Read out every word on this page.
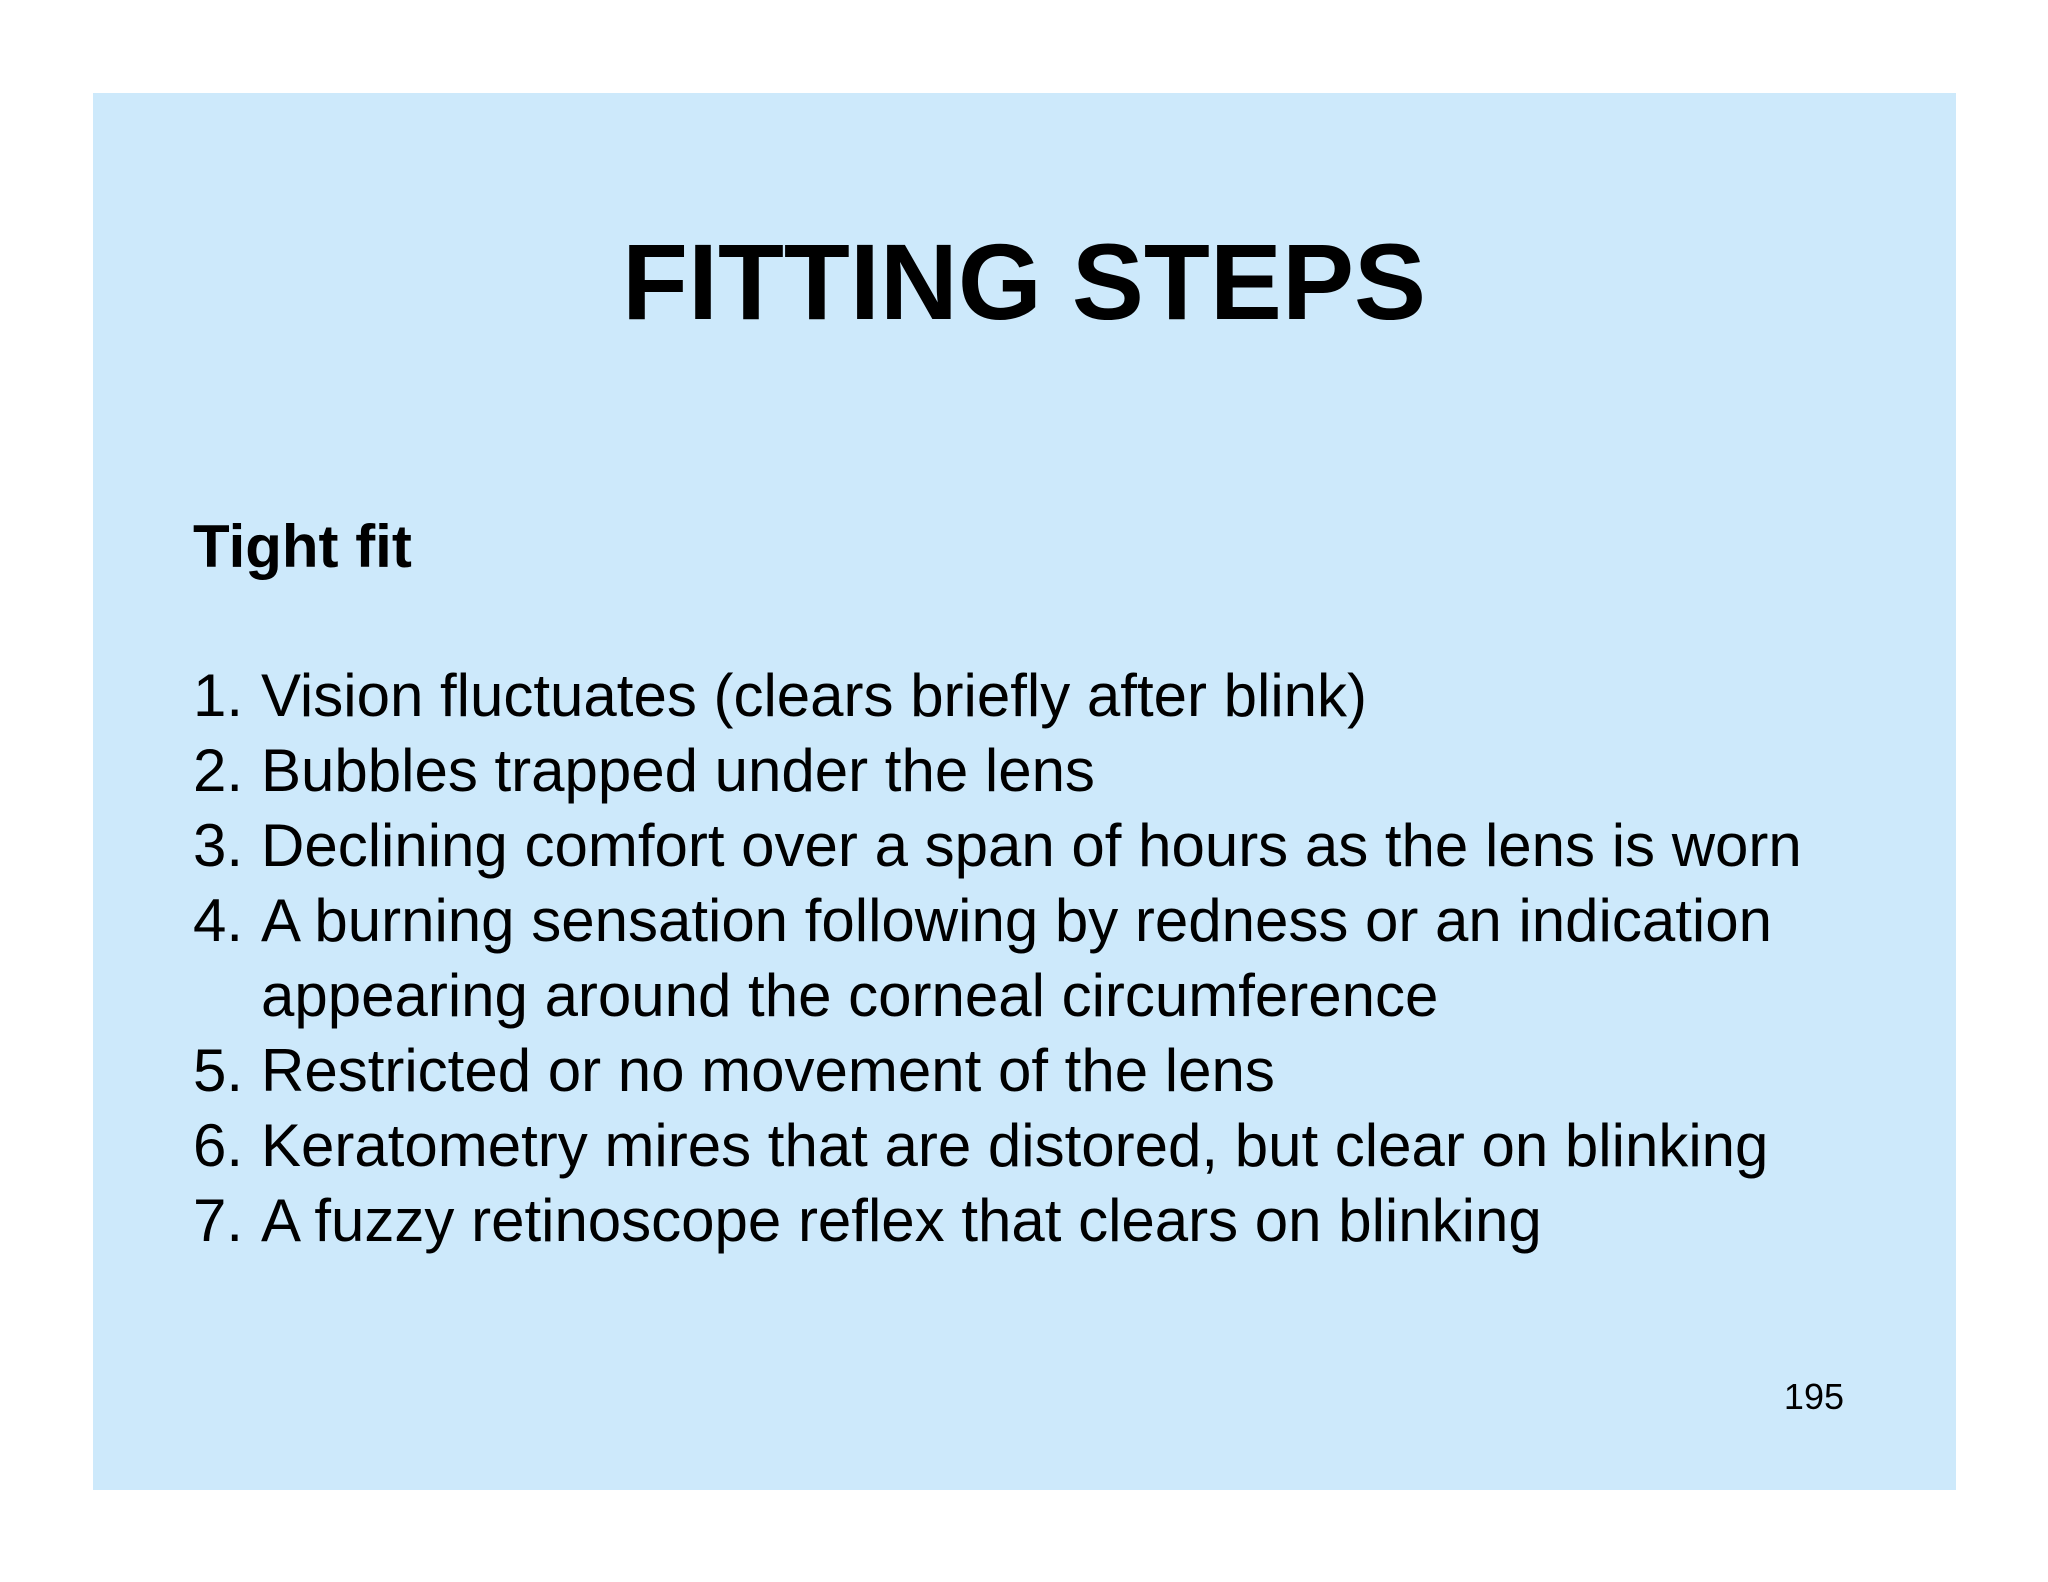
FITTING STEPS
Tight fit
1. Vision fluctuates (clears briefly after blink)
2. Bubbles trapped under the lens
3. Declining comfort over a span of hours as the lens is worn
4. A burning sensation following by redness or an indication
appearing around the corneal circumference
5. Restricted or no movement of the lens
6. Keratometry mires that are distored, but clear on blinking
7. A fuzzy retinoscope reflex that clears on blinking
195
